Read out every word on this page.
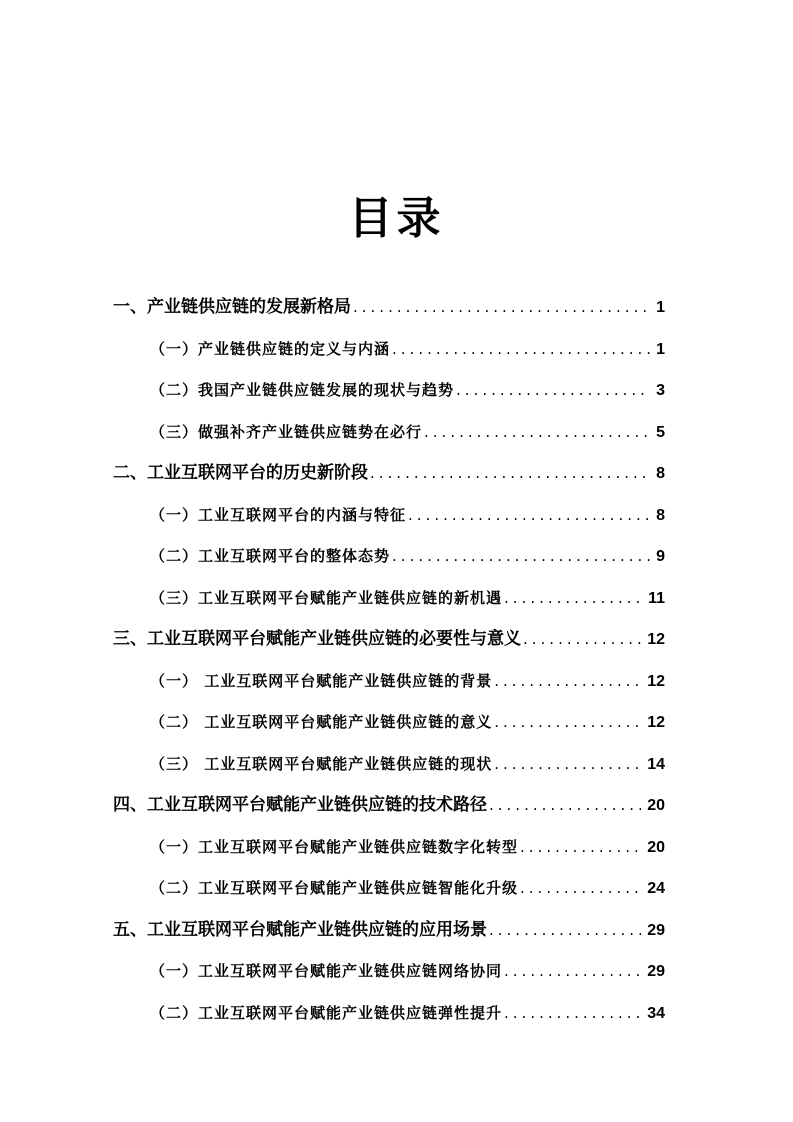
目录
一、产业链供应链的发展新格局 .....	1
（一）产业链供应链的定义与内涵 .....	1
（二）我国产业链供应链发展的现状与趋势 .....	3
（三）做强补齐产业链供应链势在必行 .....	5
二、工业互联网平台的历史新阶段 .....	8
（一）工业互联网平台的内涵与特征 .....	8
（二）工业互联网平台的整体态势 .....	9
（三）工业互联网平台赋能产业链供应链的新机遇 .....	11
三、工业互联网平台赋能产业链供应链的必要性与意义 .....	12
（一） 工业互联网平台赋能产业链供应链的背景 .....	12
（二） 工业互联网平台赋能产业链供应链的意义 .....	12
（三） 工业互联网平台赋能产业链供应链的现状 .....	14
四、工业互联网平台赋能产业链供应链的技术路径 .....	20
（一）工业互联网平台赋能产业链供应链数字化转型 .....	20
（二）工业互联网平台赋能产业链供应链智能化升级 .....	24
五、工业互联网平台赋能产业链供应链的应用场景 .....	29
（一）工业互联网平台赋能产业链供应链网络协同 .....	29
（二）工业互联网平台赋能产业链供应链弹性提升 .....	34
